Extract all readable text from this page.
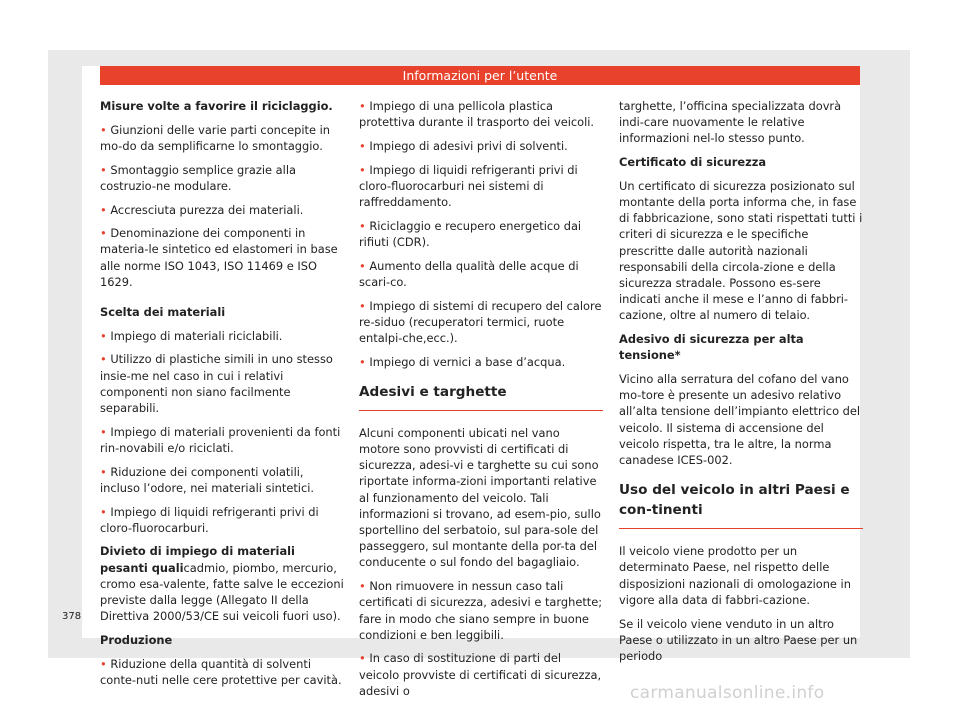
Informazioni per l’utente

Misure volte a favorire il riciclaggio.

• Giunzioni delle varie parti concepite in mo-do da semplificarne lo smontaggio.

• Smontaggio semplice grazie alla costruzio-ne modulare.

• Accresciuta purezza dei materiali.

• Denominazione dei componenti in materia-le sintetico ed elastomeri in base alle norme ISO 1043, ISO 11469 e ISO 1629.

Scelta dei materiali

• Impiego di materiali riciclabili.

• Utilizzo di plastiche simili in uno stesso insie-me nel caso in cui i relativi componenti non siano facilmente separabili.

• Impiego di materiali provenienti da fonti rin-novabili e/o riciclati.

• Riduzione dei componenti volatili, incluso l’odore, nei materiali sintetici.

• Impiego di liquidi refrigeranti privi di cloro-fluorocarburi.

Divieto di impiego di materiali pesanti qualicadmio, piombo, mercurio, cromo esa-valente, fatte salve le eccezioni previste dalla legge (Allegato II della Direttiva 2000/53/CE sui veicoli fuori uso).

Produzione

• Riduzione della quantità di solventi conte-nuti nelle cere protettive per cavità.

• Impiego di una pellicola plastica protettiva durante il trasporto dei veicoli.

• Impiego di adesivi privi di solventi.

• Impiego di liquidi refrigeranti privi di cloro-fluorocarburi nei sistemi di raffreddamento.

• Riciclaggio e recupero energetico dai rifiuti (CDR).

• Aumento della qualità delle acque di scari-co.

• Impiego di sistemi di recupero del calore re-siduo (recuperatori termici, ruote entalpi-che,ecc.).

• Impiego di vernici a base d’acqua.

Adesivi e targhette

Alcuni componenti ubicati nel vano motore sono provvisti di certificati di sicurezza, adesi-vi e targhette su cui sono riportate informa-zioni importanti relative al funzionamento del veicolo. Tali informazioni si trovano, ad esem-pio, sullo sportellino del serbatoio, sul para-sole del passeggero, sul montante della por-ta del conducente o sul fondo del bagagliaio.

• Non rimuovere in nessun caso tali certificati di sicurezza, adesivi e targhette; fare in modo che siano sempre in buone condizioni e ben leggibili.

• In caso di sostituzione di parti del veicolo provviste di certificati di sicurezza, adesivi o

targhette, l’officina specializzata dovrà indi-care nuovamente le relative informazioni nel-lo stesso punto.

Certificato di sicurezza

Un certificato di sicurezza posizionato sul montante della porta informa che, in fase di fabbricazione, sono stati rispettati tutti i criteri di sicurezza e le specifiche prescritte dalle autorità nazionali responsabili della circola-zione e della sicurezza stradale. Possono es-sere indicati anche il mese e l’anno di fabbri-cazione, oltre al numero di telaio.

Adesivo di sicurezza per alta tensione*

Vicino alla serratura del cofano del vano mo-tore è presente un adesivo relativo all’alta tensione dell’impianto elettrico del veicolo. Il sistema di accensione del veicolo rispetta, tra le altre, la norma canadese ICES-002.

Uso del veicolo in altri Paesi e con-tinenti

Il veicolo viene prodotto per un determinato Paese, nel rispetto delle disposizioni nazionali di omologazione in vigore alla data di fabbri-cazione.

Se il veicolo viene venduto in un altro Paese o utilizzato in un altro Paese per un periodo

378
carmanualsonline.info
